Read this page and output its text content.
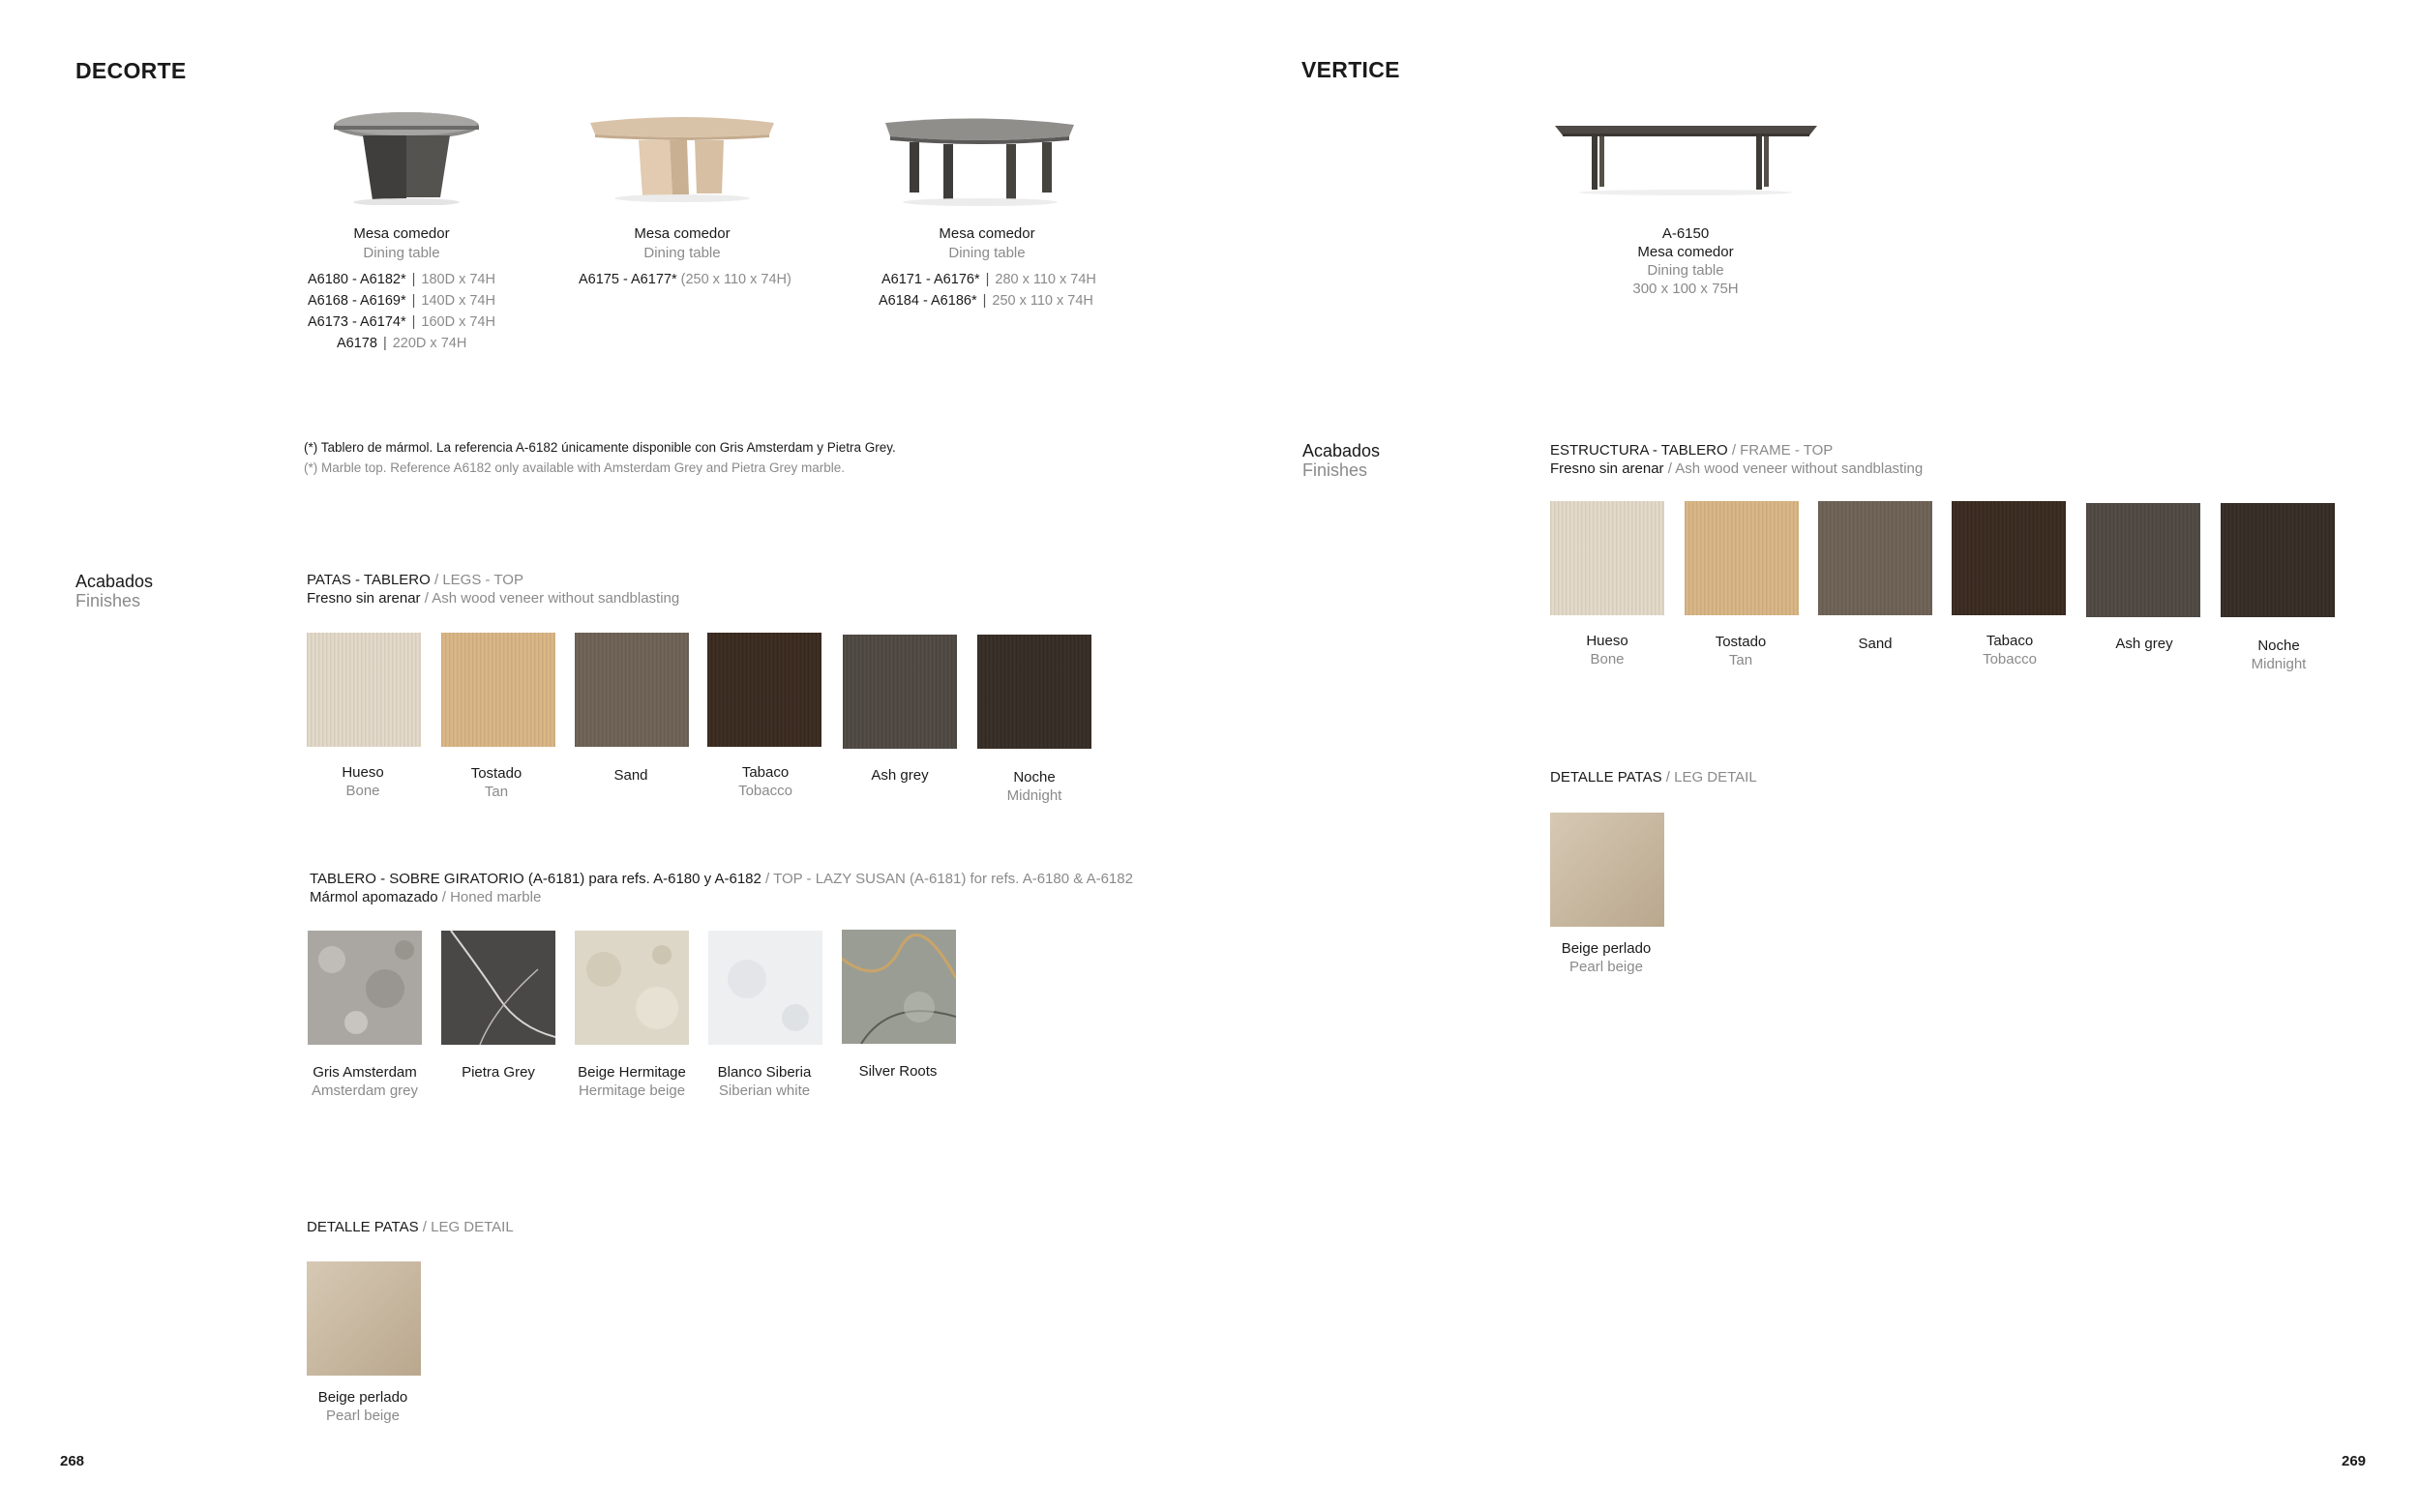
DECORTE
Mesa comedor
Dining table
A6180 - A6182* | 180D x 74H
A6168 - A6169* | 140D x 74H
A6173 - A6174* | 160D x 74H
A6178 | 220D x 74H
Mesa comedor
Dining table
A6175 - A6177* (250 x 110 x 74H)
Mesa comedor
Dining table
A6171 - A6176* | 280 x 110 x 74H
A6184 - A6186* | 250 x 110 x 74H
(*) Tablero de mármol. La referencia A-6182 únicamente disponible con Gris Amsterdam y Pietra Grey.
(*) Marble top. Reference A6182 only available with Amsterdam Grey and Pietra Grey marble.
Acabados
Finishes
PATAS - TABLERO / LEGS - TOP
Fresno sin arenar / Ash wood veneer without sandblasting
Hueso
Bone
Tostado
Tan
Sand	Tabaco
Tobacco
Ash grey	Noche
Midnight
TABLERO - SOBRE GIRATORIO (A-6181) para refs. A-6180 y A-6182 / TOP - LAZY SUSAN (A-6181) for refs. A-6180 & A-6182
Mármol apomazado / Honed marble
Gris Amsterdam
Amsterdam grey
Pietra Grey	Beige Hermitage
Hermitage beige
Blanco Siberia
Siberian white
Silver Roots
DETALLE PATAS / LEG DETAIL
Beige perlado
Pearl beige
268
VERTICE
A-6150
Mesa comedor
Dining table
300 x 100 x 75H
Acabados
Finishes
ESTRUCTURA - TABLERO / FRAME - TOP
Fresno sin arenar / Ash wood veneer without sandblasting
Hueso
Bone
Tostado
Tan
Sand	Tabaco
Tobacco
Ash grey	Noche
Midnight
DETALLE PATAS / LEG DETAIL
Beige perlado
Pearl beige
269
